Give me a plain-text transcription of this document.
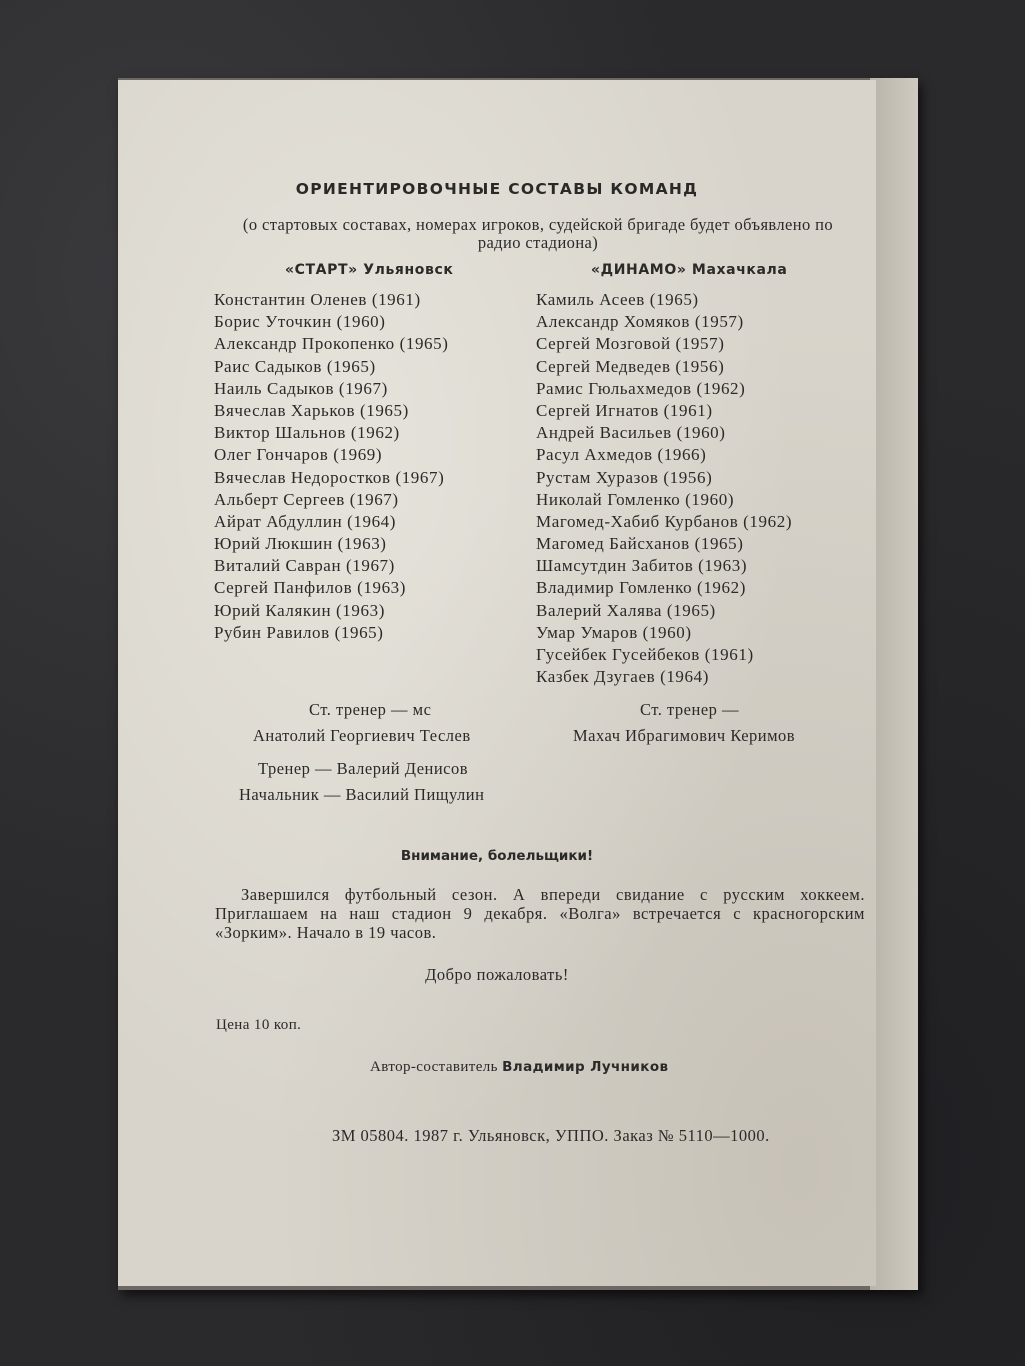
ОРИЕНТИРОВОЧНЫЕ СОСТАВЫ КОМАНД
(о стартовых составах, номерах игроков, судейской бригаде будет объявлено по радио стадиона)
«СТАРТ» Ульяновск	«ДИНАМО» Махачкала
Константин Оленев (1961)
Борис Уточкин (1960)
Александр Прокопенко (1965)
Раис Садыков (1965)
Наиль Садыков (1967)
Вячеслав Харьков (1965)
Виктор Шальнов (1962)
Олег Гончаров (1969)
Вячеслав Недоростков (1967)
Альберт Сергеев (1967)
Айрат Абдуллин (1964)
Юрий Люкшин (1963)
Виталий Савран (1967)
Сергей Панфилов (1963)
Юрий Калякин (1963)
Рубин Равилов (1965)
Камиль Асеев (1965)
Александр Хомяков (1957)
Сергей Мозговой (1957)
Сергей Медведев (1956)
Рамис Гюльахмедов (1962)
Сергей Игнатов (1961)
Андрей Васильев (1960)
Расул Ахмедов (1966)
Рустам Хуразов (1956)
Николай Гомленко (1960)
Магомед-Хабиб Курбанов (1962)
Магомед Байсханов (1965)
Шамсутдин Забитов (1963)
Владимир Гомленко (1962)
Валерий Халява (1965)
Умар Умаров (1960)
Гусейбек Гусейбеков (1961)
Казбек Дзугаев (1964)
Ст. тренер — мс
Анатолий Георгиевич Теслев
Тренер — Валерий Денисов
Начальник — Василий Пищулин
Ст. тренер —
Махач Ибрагимович Керимов
Внимание, болельщики!
Завершился футбольный сезон. А впереди свидание с русским хоккеем. Приглашаем на наш стадион 9 декабря. «Волга» встречается с красногорским «Зорким». Начало в 19 часов.
Добро пожаловать!
Цена 10 коп.
Автор-составитель Владимир Лучников
ЗМ 05804. 1987 г. Ульяновск, УППО. Заказ № 5110—1000.
